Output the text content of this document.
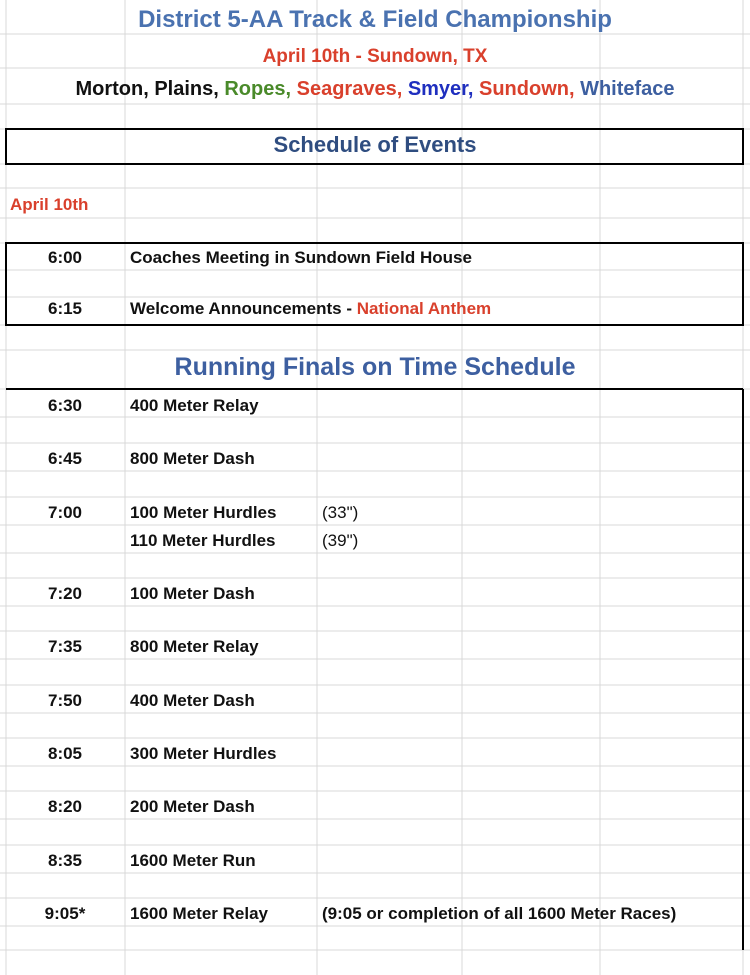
District 5-AA Track & Field Championship
April 10th - Sundown, TX
Morton, Plains, Ropes, Seagraves, Smyer, Sundown, Whiteface
Schedule of Events
April 10th
6:00	Coaches Meeting in Sundown Field House
6:15	Welcome Announcements - National Anthem
Running Finals on Time Schedule
6:30	400 Meter Relay
6:45	800 Meter Dash
7:00	100 Meter Hurdles	(33")
110 Meter Hurdles	(39")
7:20	100 Meter Dash
7:35	800 Meter Relay
7:50	400 Meter Dash
8:05	300 Meter Hurdles
8:20	200 Meter Dash
8:35	1600 Meter Run
9:05*	1600 Meter Relay	(9:05 or completion of all 1600 Meter Races)
